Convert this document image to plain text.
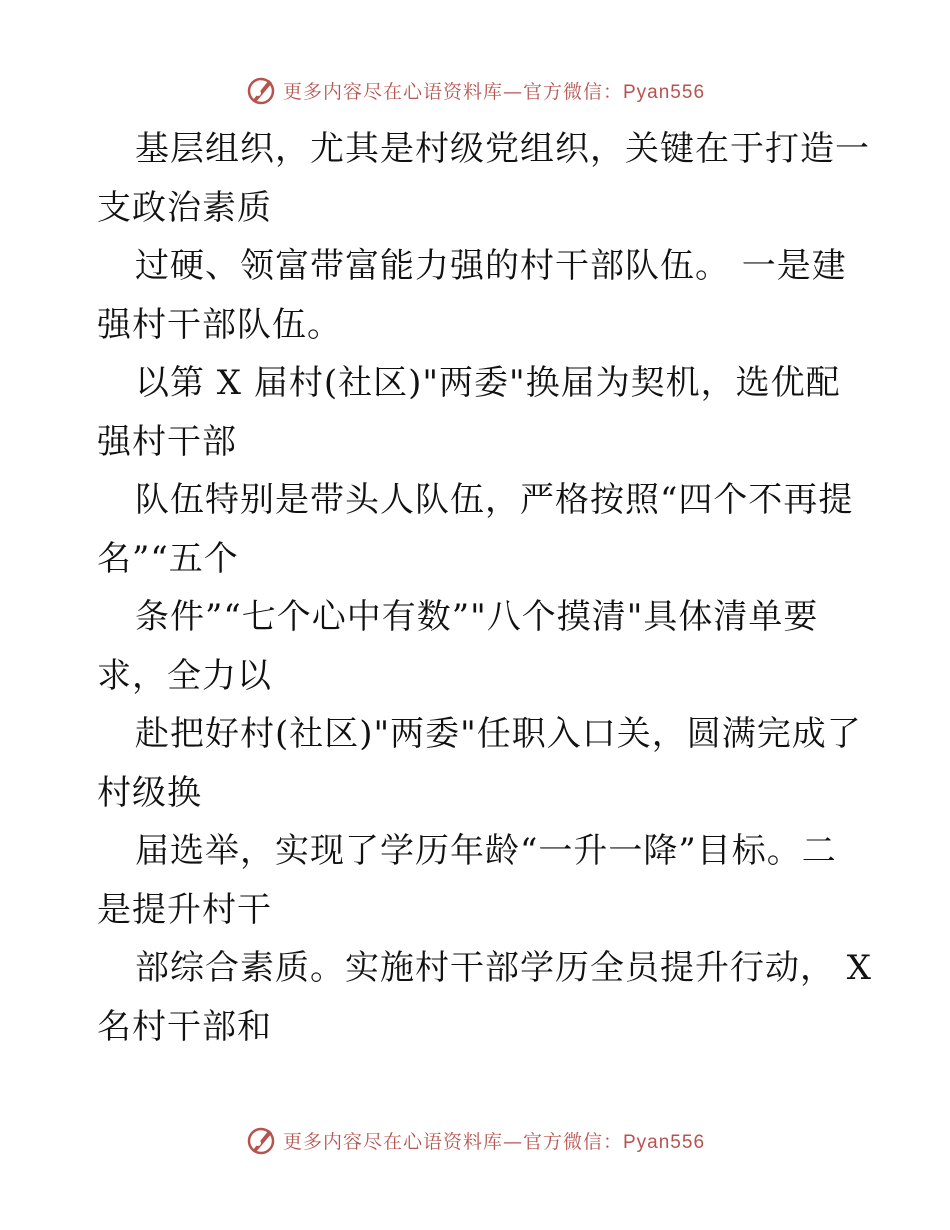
更多内容尽在心语资料库—官方微信：Pyan556
基层组织，尤其是村级党组织，关键在于打造一
支政治素质
过硬、领富带富能力强的村干部队伍。 一是建
强村干部队伍。
以第 X 届村(社区)"两委"换届为契机，选优配
强村干部
队伍特别是带头人队伍，严格按照“四个不再提
名”“五个
条件”“七个心中有数”"八个摸清"具体清单要
求，全力以
赴把好村(社区)"两委"任职入口关，圆满完成了
村级换
届选举，实现了学历年龄“一升一降”目标。二
是提升村干
部综合素质。实施村干部学历全员提升行动， X
名村干部和
更多内容尽在心语资料库—官方微信：Pyan556
